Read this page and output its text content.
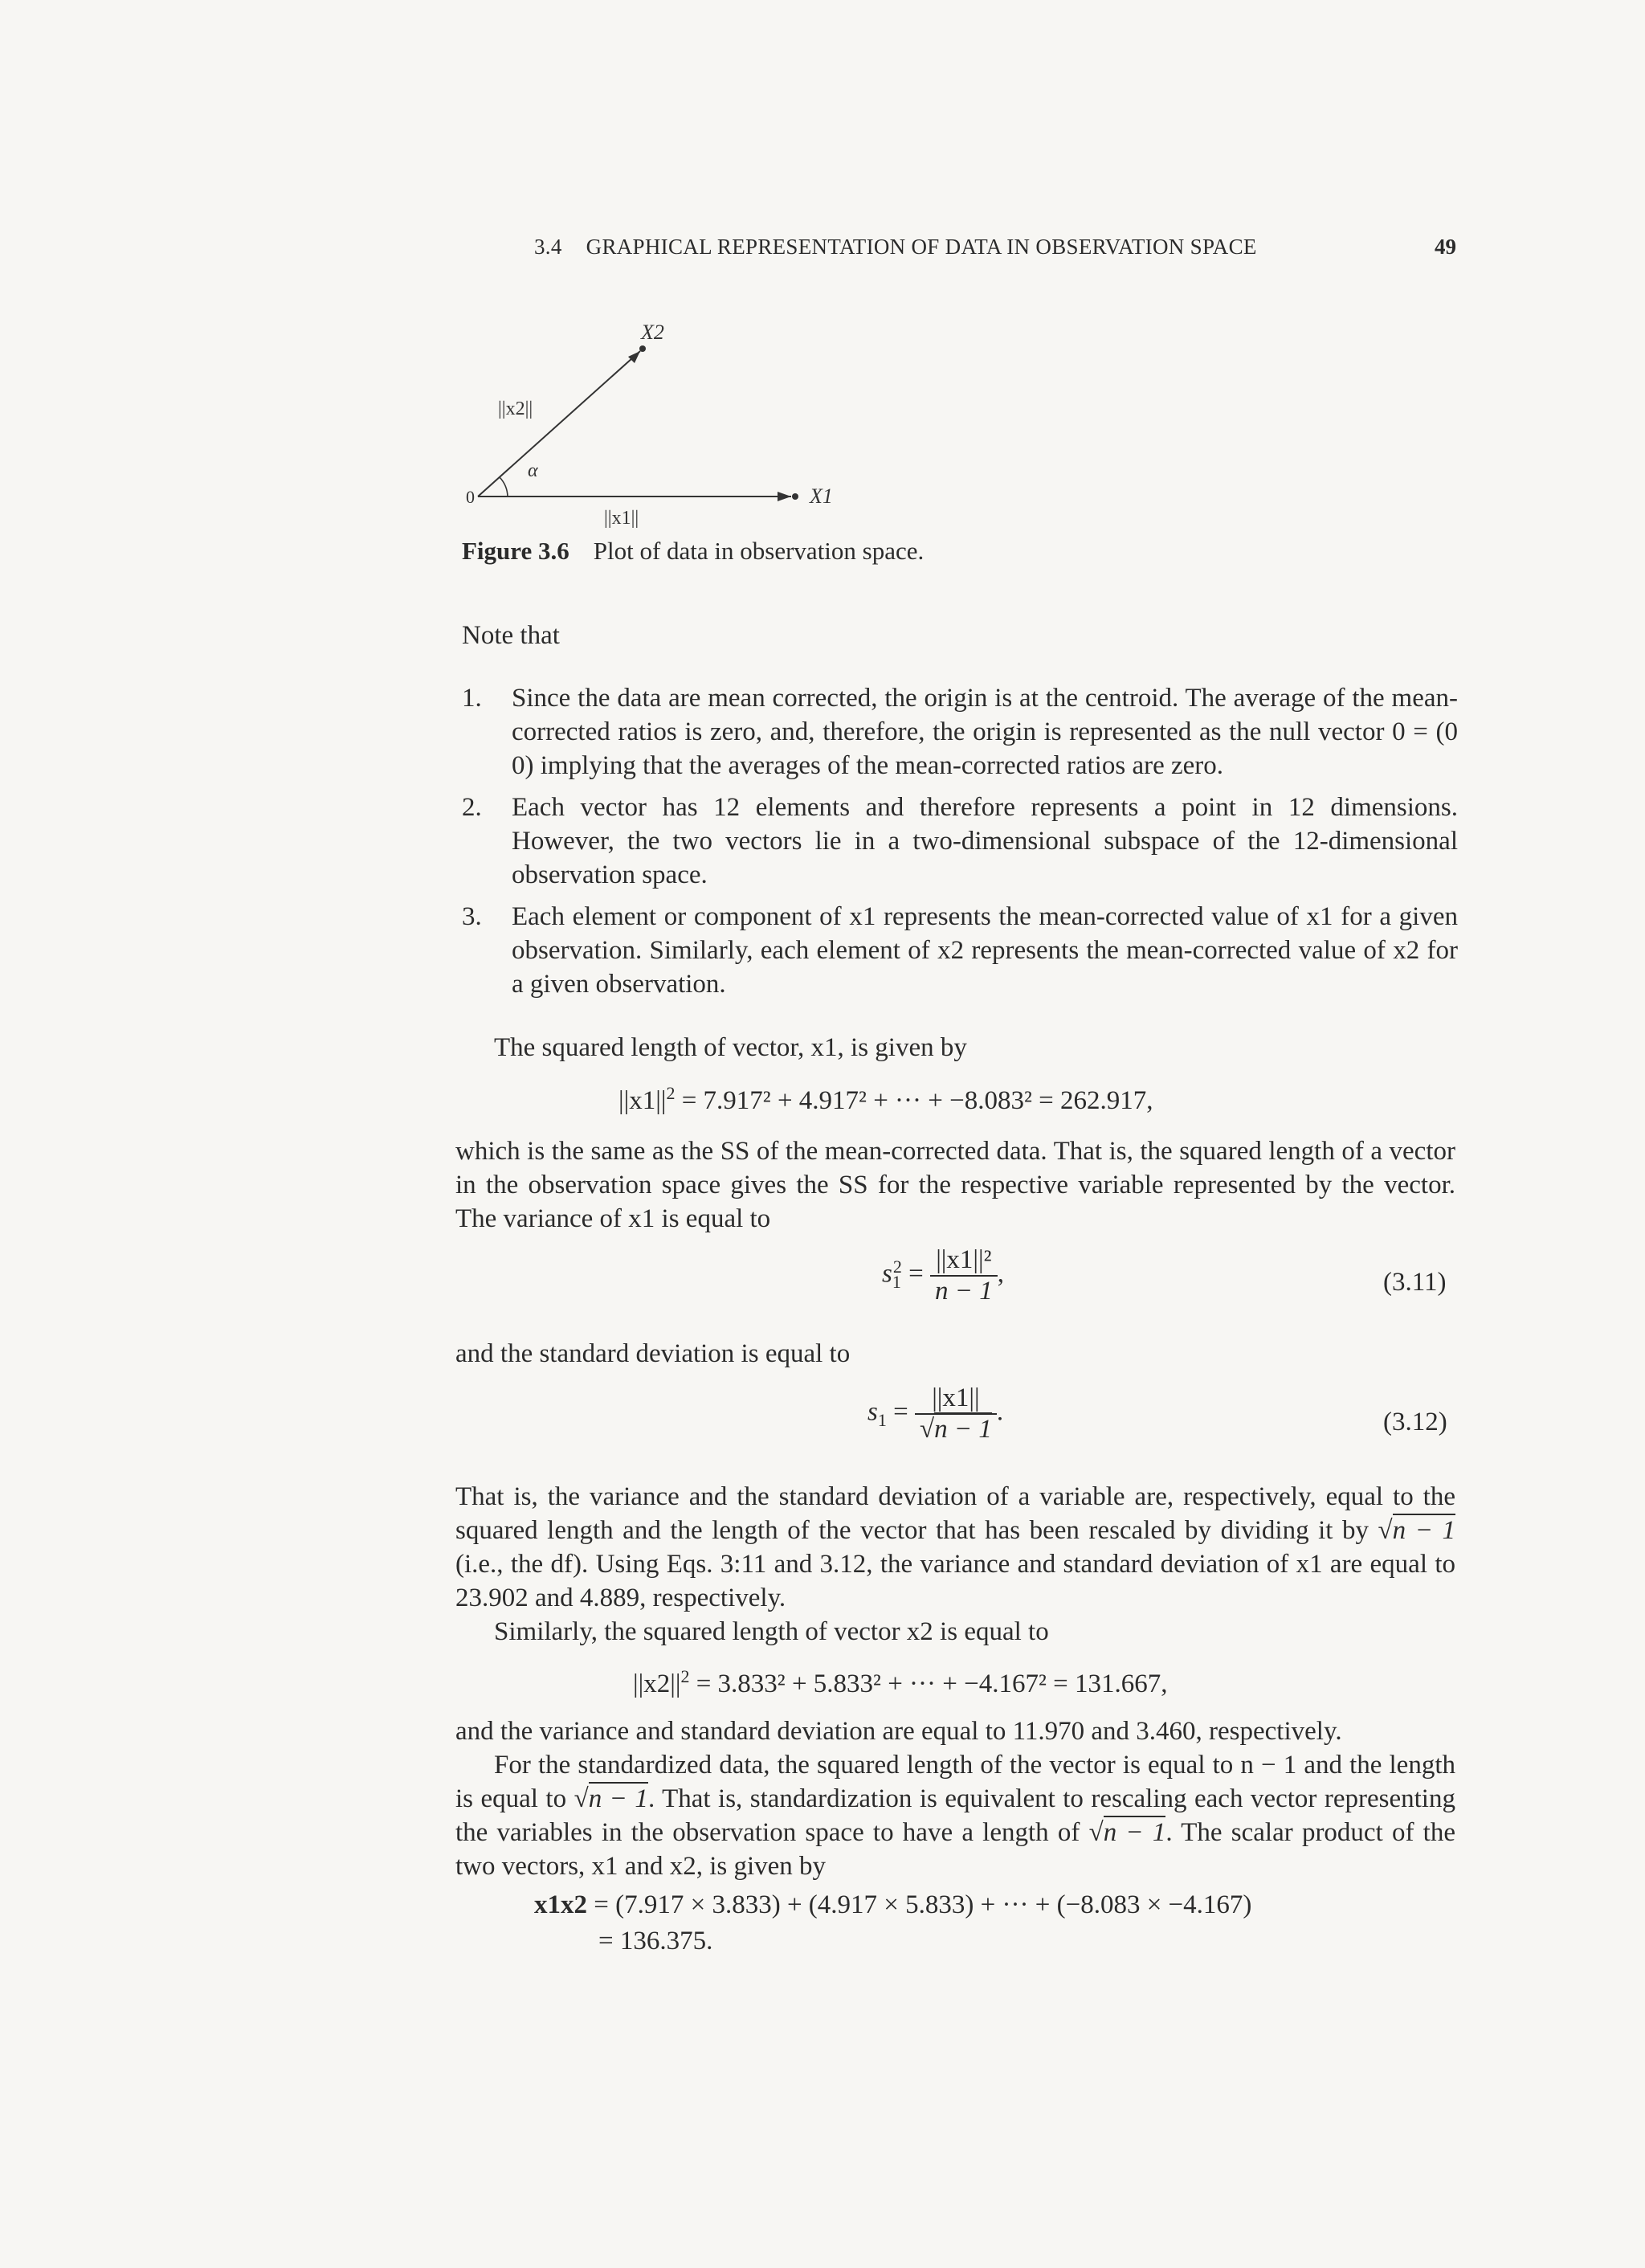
3.4 GRAPHICAL REPRESENTATION OF DATA IN OBSERVATION SPACE	49
X2
X1
0
α
||x2||
||x1||
Figure 3.6 Plot of data in observation space.
Note that
1. Since the data are mean corrected, the origin is at the centroid. The average of the mean-corrected ratios is zero, and, therefore, the origin is represented as the null vector 0 = (0 0) implying that the averages of the mean-corrected ratios are zero.
2. Each vector has 12 elements and therefore represents a point in 12 dimensions. However, the two vectors lie in a two-dimensional subspace of the 12-dimensional observation space.
3. Each element or component of x1 represents the mean-corrected value of x1 for a given observation. Similarly, each element of x2 represents the mean-corrected value of x2 for a given observation.
The squared length of vector, x1, is given by
$||x1||^2 = 7.917^2 + 4.917^2$ + ··· + −8.083² = 262.917,
which is the same as the SS of the mean-corrected data. That is, the squared length of a vector in the observation space gives the SS for the respective variable represented by the vector. The variance of x1 is equal to
$s_1^2 = \frac{\text{||x1||²}}{n - 1}$ ,	(3.11)
and the standard deviation is equal to
$s_1 = \frac{||x1||}{√n - 1}$ .	(3.12)
That is, the variance and the standard deviation of a variable are, respectively, equal to the squared length and the length of the vector that has been rescaled by dividing it by √n − 1 (i.e., the df). Using Eqs. 3:11 and 3.12, the variance and standard deviation of x1 are equal to 23.902 and 4.889, respectively.
Similarly, the squared length of vector x2 is equal to
$||x2||^2 = 3.833^2 + 5.833^2$ + ··· + −4.167² = 131.667,
and the variance and standard deviation are equal to 11.970 and 3.460, respectively.
For the standardized data, the squared length of the vector is equal to n − 1 and the length is equal to √n − 1. That is, standardization is equivalent to rescaling each vector representing the variables in the observation space to have a length of √n − 1. The scalar product of the two vectors, x1 and x2, is given by
x1x2 = (7.917 × 3.833) + (4.917 × 5.833) + ··· + (−8.083 × −4.167)
= 136.375.
